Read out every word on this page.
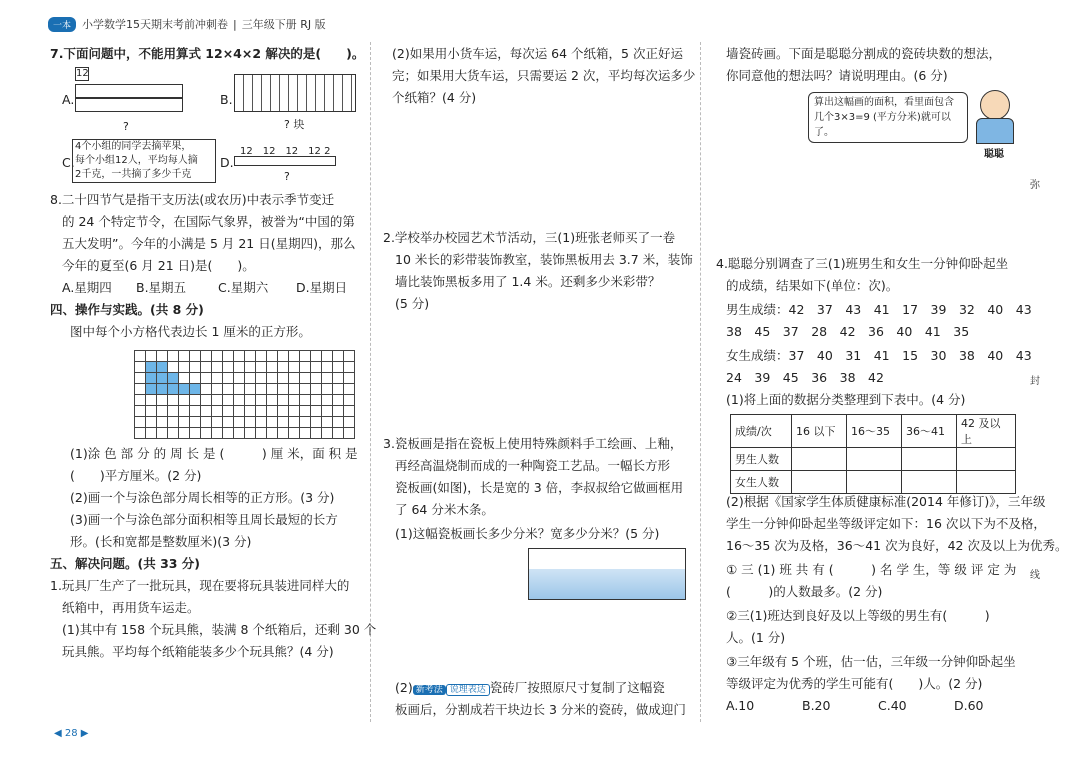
一本	小学数学15天期末考前冲刺卷 | 三年级下册 RJ 版
7.下面问题中，不能用算式 12×4×2 解决的是(　　)。
A.
12
?
B.
? 块
C.
4个小组的同学去摘苹果，
每个小组12人，平均每人摘
2千克，一共摘了多少千克
D.
12　12　12　12 2
?
8.二十四节气是指干支历法(或农历)中表示季节变迁
的 24 个特定节令，在国际气象界，被誉为“中国的第
五大发明”。今年的小满是 5 月 21 日(星期四)，那么
今年的夏至(6 月 21 日)是(　　)。
A.星期四 B.星期五	C.星期六 D.星期日
四、操作与实践。(共 8 分)
图中每个小方格代表边长 1 厘米的正方形。
(1)涂 色 部 分 的 周 长 是 (　　　) 厘 米，面 积 是
(　　)平方厘米。(2 分)
(2)画一个与涂色部分周长相等的正方形。(3 分)
(3)画一个与涂色部分面积相等且周长最短的长方
形。(长和宽都是整数厘米)(3 分)
五、解决问题。(共 33 分)
1.玩具厂生产了一批玩具，现在要将玩具装进同样大的
纸箱中，再用货车运走。
(1)其中有 158 个玩具熊，装满 8 个纸箱后，还剩 30 个
玩具熊。平均每个纸箱能装多少个玩具熊？(4 分)
(2)如果用小货车运，每次运 64 个纸箱，5 次正好运
完；如果用大货车运，只需要运 2 次，平均每次运多少
个纸箱？(4 分)
2.学校举办校园艺术节活动，三(1)班张老师买了一卷
10 米长的彩带装饰教室，装饰黑板用去 3.7 米，装饰
墙比装饰黑板多用了 1.4 米。还剩多少米彩带？
(5 分)
3.瓷板画是指在瓷板上使用特殊颜料手工绘画、上釉，
再经高温烧制而成的一种陶瓷工艺品。一幅长方形
瓷板画(如图)，长是宽的 3 倍，李叔叔给它做画框用
了 64 分米木条。
(1)这幅瓷板画长多少分米？宽多少分米？(5 分)
(2) 新考法 说理表达 瓷砖厂按照原尺寸复制了这幅瓷
板画后，分割成若干块边长 3 分米的瓷砖，做成迎门
墙瓷砖画。下面是聪聪分割成的瓷砖块数的想法，
你同意他的想法吗？请说明理由。(6 分)
算出这幅画的面积，看里面包含几个3×3=9 (平方分米)就可以了。
聪聪
4.聪聪分别调查了三(1)班男生和女生一分钟仰卧起坐
的成绩，结果如下(单位：次)。
男生成绩：42　37　43　41　17　39　32　40　43
38　45　37　28　42　36　40　41　35
女生成绩：37　40　31　41　15　30　38　40　43
24　39　45　36　38　42
(1)将上面的数据分类整理到下表中。(4 分)
成绩/次	16 以下	16～35	36～41	42 及以上
男生人数				
女生人数				
(2)根据《国家学生体质健康标准(2014 年修订)》，三年级
学生一分钟仰卧起坐等级评定如下：16 次以下为不及格，
16～35 次为及格，36～41 次为良好，42 次及以上为优秀。
① 三 (1) 班 共 有 (　　　) 名 学 生，等 级 评 定 为
(　　　)的人数最多。(2 分)
②三(1)班达到良好及以上等级的男生有(　　　)
人。(1 分)
③三年级有 5 个班，估一估，三年级一分钟仰卧起坐
等级评定为优秀的学生可能有(　　)人。(2 分)
A.10	B.20	C.40	D.60
弥
封
线
◀ 28 ▶
